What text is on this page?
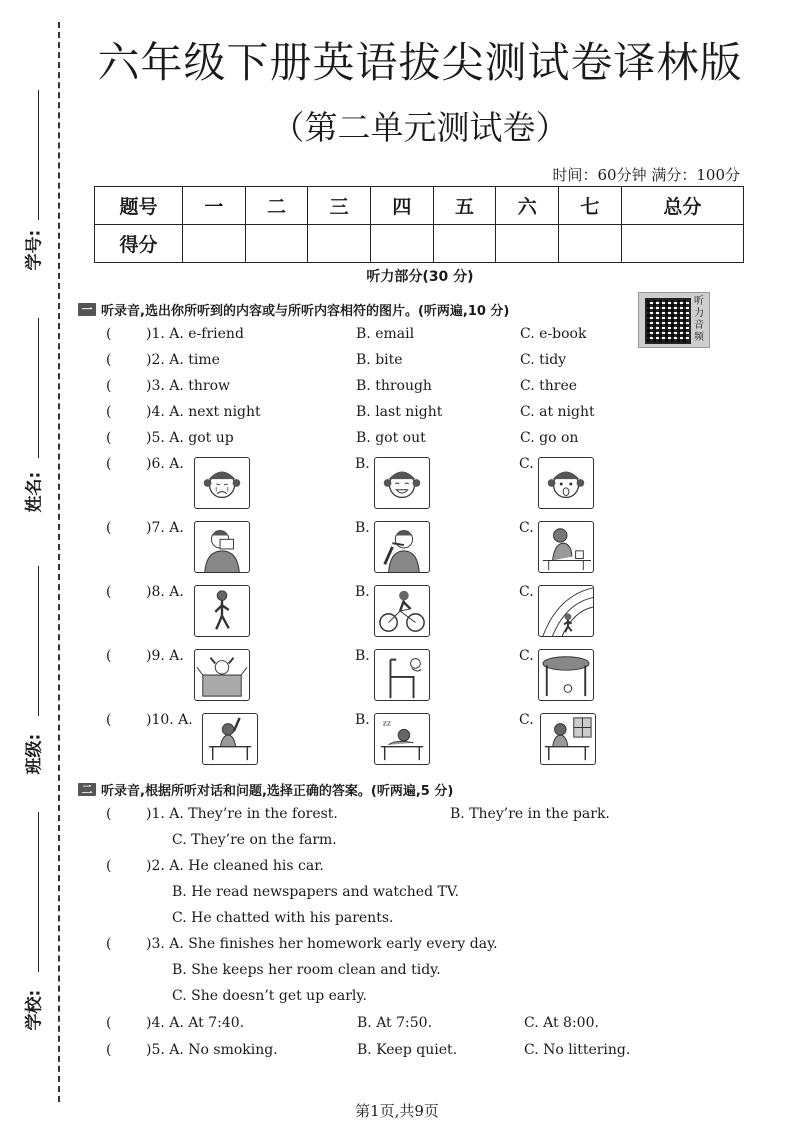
学号:
姓名:
班级:
学校:
六年级下册英语拔尖测试卷译林版
（第二单元测试卷）
时间：60分钟 满分：100分
题号	一	二	三	四	五	六	七	总分
得分								
听力部分(30 分)
一 听录音,选出你所听到的内容或与所听内容相符的图片。(听两遍,10 分)
听力音频
( )1. A. e-friend	B. email	C. e-book
( )2. A. time	B. bite	C. tidy
( )3. A. throw	B. through	C. three
( )4. A. next night	B. last night	C. at night
( )5. A. got up	B. got out	C. go on
( )6. A.	B.	C.
( )7. A.	B.	C.
( )8. A.	B.	C.
( )9. A.	B.	C.
( )10. A.	B.	C.
zz
二 听录音,根据所听对话和问题,选择正确的答案。(听两遍,5 分)
( )1. A. They’re in the forest.	B. They’re in the park.
C. They’re on the farm.
( )2. A. He cleaned his car.
B. He read newspapers and watched TV.
C. He chatted with his parents.
( )3. A. She finishes her homework early every day.
B. She keeps her room clean and tidy.
C. She doesn’t get up early.
( )4. A. At 7:40.	B. At 7:50.	C. At 8:00.
( )5. A. No smoking.	B. Keep quiet.	C. No littering.
第1页,共9页
